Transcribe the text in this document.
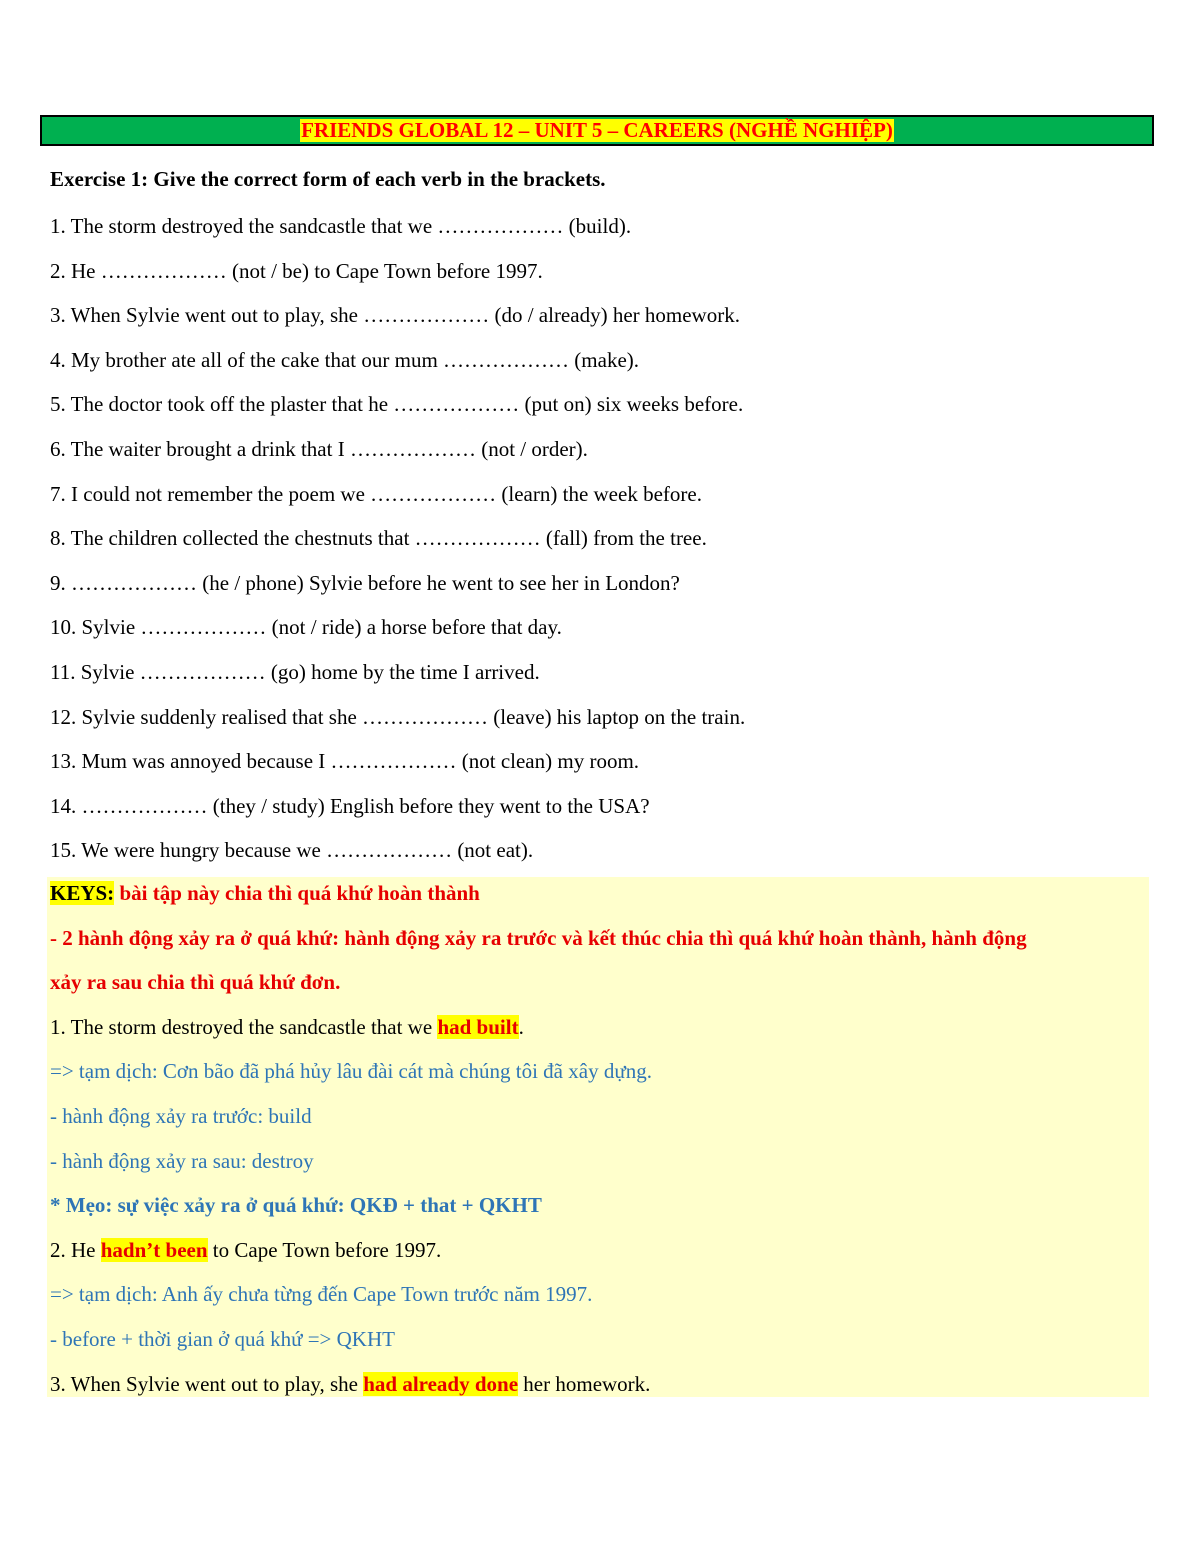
FRIENDS GLOBAL 12 – UNIT 5 – CAREERS (NGHỀ NGHIỆP)
Exercise 1: Give the correct form of each verb in the brackets.
1. The storm destroyed the sandcastle that we ……………… (build).
2. He ……………… (not / be) to Cape Town before 1997.
3. When Sylvie went out to play, she ……………… (do / already) her homework.
4. My brother ate all of the cake that our mum ……………… (make).
5. The doctor took off the plaster that he ……………… (put on) six weeks before.
6. The waiter brought a drink that I ……………… (not / order).
7. I could not remember the poem we ……………… (learn) the week before.
8. The children collected the chestnuts that ……………… (fall) from the tree.
9. ……………… (he / phone) Sylvie before he went to see her in London?
10. Sylvie ……………… (not / ride) a horse before that day.
11. Sylvie ……………… (go) home by the time I arrived.
12. Sylvie suddenly realised that she ……………… (leave) his laptop on the train.
13. Mum was annoyed because I ……………… (not clean) my room.
14. ……………… (they / study) English before they went to the USA?
15. We were hungry because we ……………… (not eat).
KEYS: bài tập này chia thì quá khứ hoàn thành
- 2 hành động xảy ra ở quá khứ: hành động xảy ra trước và kết thúc chia thì quá khứ hoàn thành, hành động
xảy ra sau chia thì quá khứ đơn.
1. The storm destroyed the sandcastle that we had built.
=> tạm dịch: Cơn bão đã phá hủy lâu đài cát mà chúng tôi đã xây dựng.
- hành động xảy ra trước: build
- hành động xảy ra sau: destroy
* Mẹo: sự việc xảy ra ở quá khứ: QKĐ + that + QKHT
2. He hadn’t been to Cape Town before 1997.
=> tạm dịch: Anh ấy chưa từng đến Cape Town trước năm 1997.
- before + thời gian ở quá khứ => QKHT
3. When Sylvie went out to play, she had already done her homework.
